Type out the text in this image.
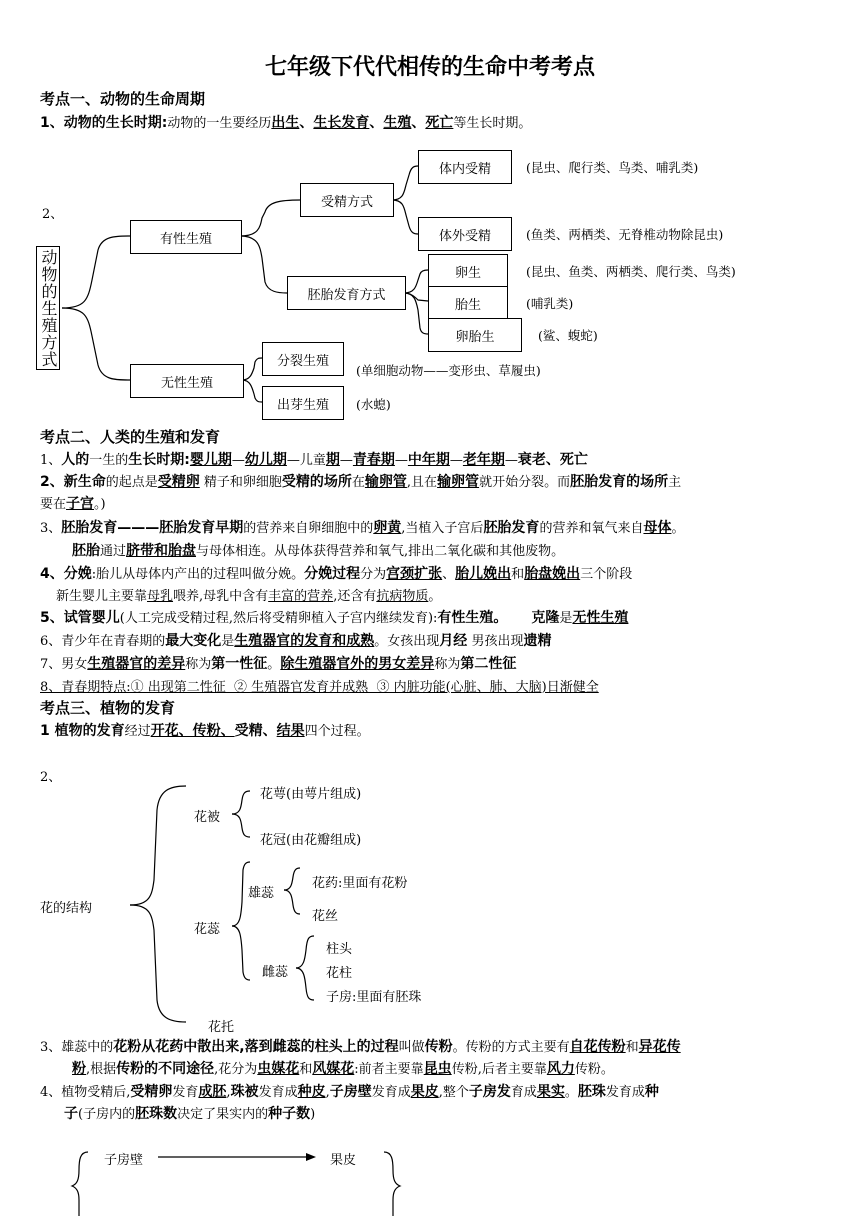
七年级下代代相传的生命中考考点
考点一、动物的生命周期
1、动物的生长时期:动物的一生要经历出生、生长发育、生殖、死亡等生长时期。
2、
动物的生殖方式
有性生殖
无性生殖
受精方式
胚胎发育方式
体内受精	(昆虫、爬行类、鸟类、哺乳类)
体外受精	(鱼类、两栖类、无脊椎动物除昆虫)
卵生	(昆虫、鱼类、两栖类、爬行类、鸟类)
胎生	(哺乳类)
卵胎生	(鲨、蝮蛇)
分裂生殖
(单细胞动物——变形虫、草履虫)
出芽生殖	(水螅)
考点二、人类的生殖和发育
1、人的一生的生长时期:婴儿期—幼儿期—儿童期—青春期—中年期—老年期—衰老、死亡
2、新生命的起点是受精卵 精子和卵细胞受精的场所在输卵管,且在输卵管就开始分裂。而胚胎发育的场所主
要在子宫。)
3、胚胎发育———胚胎发育早期的营养来自卵细胞中的卵黄,当植入子宫后胚胎发育的营养和氧气来自母体。
胚胎通过脐带和胎盘与母体相连。从母体获得营养和氧气,排出二氧化碳和其他废物。
4、分娩:胎儿从母体内产出的过程叫做分娩。分娩过程分为宫颈扩张、胎儿娩出和胎盘娩出三个阶段
新生婴儿主要靠母乳喂养,母乳中含有丰富的营养,还含有抗病物质。
5、试管婴儿(人工完成受精过程,然后将受精卵植入子宫内继续发育):有性生殖。 克隆是无性生殖
6、青少年在青春期的最大变化是生殖器官的发育和成熟。女孩出现月经 男孩出现遗精
7、男女生殖器官的差异称为第一性征。除生殖器官外的男女差异称为第二性征
8、青春期特点:① 出现第二性征  ② 生殖器官发育并成熟  ③ 内脏功能(心脏、肺、大脑)日渐健全
考点三、植物的发育
1 植物的发育经过开花、传粉、受精、结果四个过程。
2、
花的结构
花被
花萼(由萼片组成)
花冠(由花瓣组成)
花蕊
雄蕊
花药:里面有花粉
花丝
雌蕊
柱头
花柱
子房:里面有胚珠
花托
3、雄蕊中的花粉从花药中散出来,落到雌蕊的柱头上的过程叫做传粉。传粉的方式主要有自花传粉和异花传
粉,根据传粉的不同途径,花分为虫媒花和风媒花:前者主要靠昆虫传粉,后者主要靠风力传粉。
4、植物受精后,受精卵发育成胚,珠被发育成种皮,子房壁发育成果皮,整个子房发育成果实。胚珠发育成种
子(子房内的胚珠数决定了果实内的种子数)
子房壁	果皮
